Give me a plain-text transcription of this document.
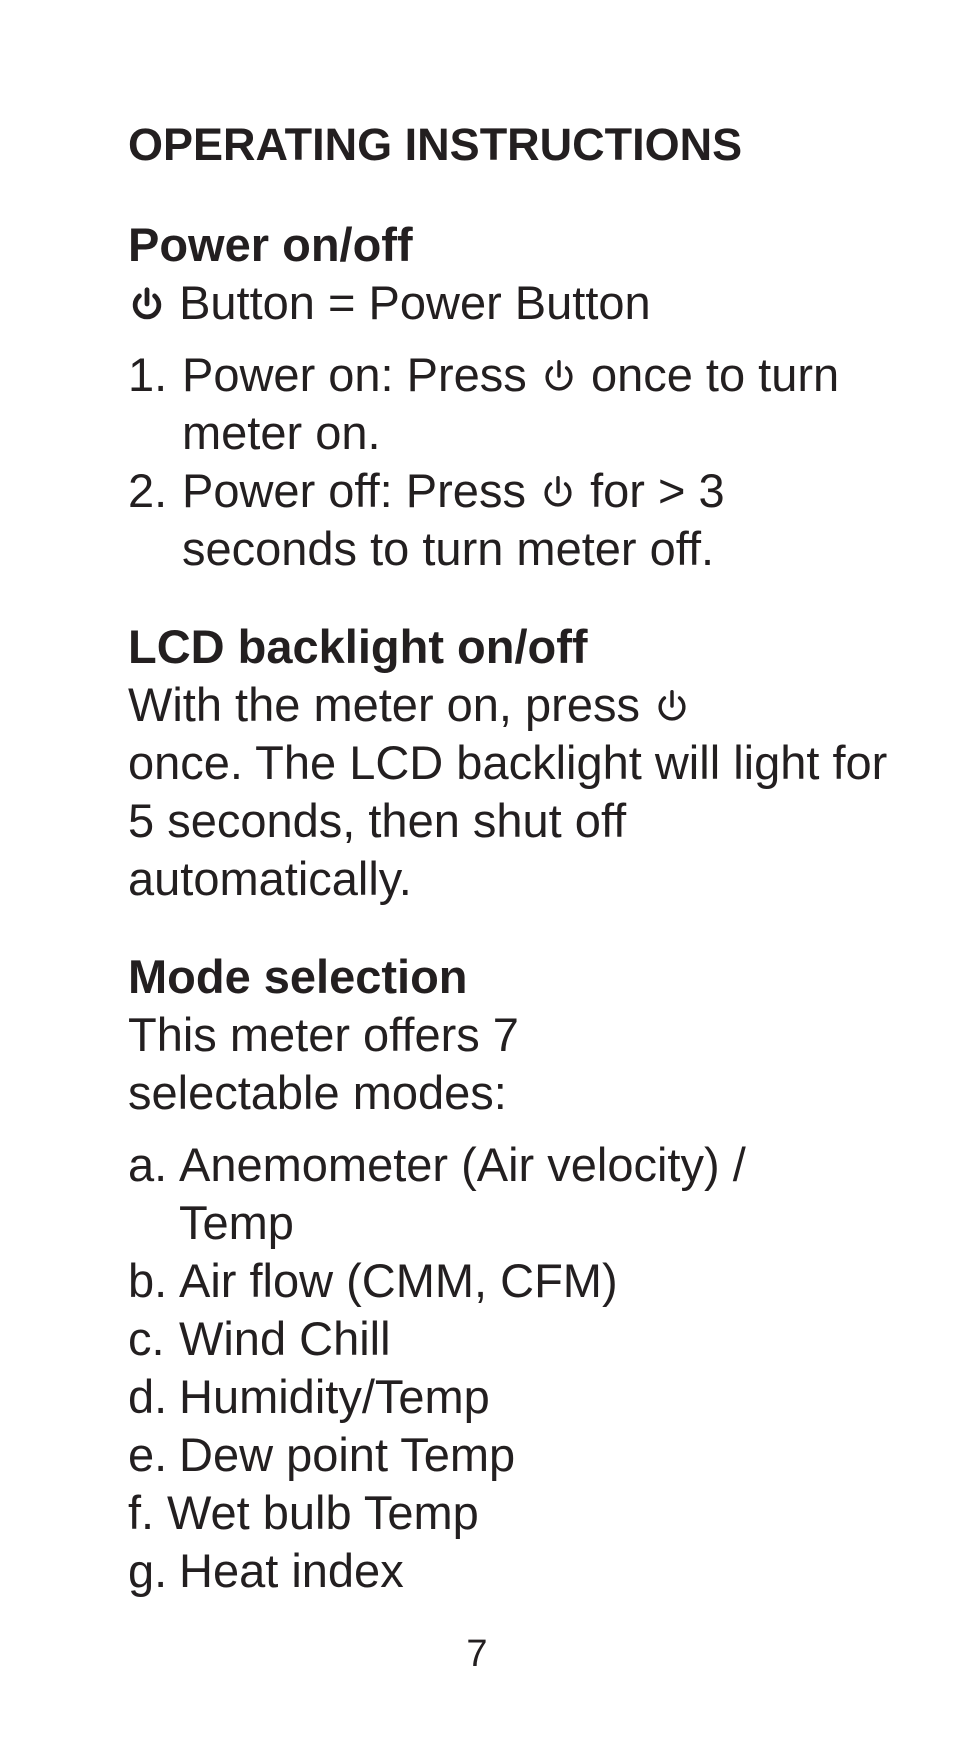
OPERATING INSTRUCTIONS
Power on/off

Button = Power Button

1. Power on: Press once to turn meter on.
2. Power off: Press for > 3 seconds to turn meter off.
LCD backlight on/off

With the meter on, press

once. The LCD backlight will light for 5 seconds, then shut off automatically.

Mode selection

This meter offers 7 selectable modes:

a. Anemometer (Air velocity) / Temp
b. Air flow (CMM, CFM)
c. Wind Chill
d. Humidity/Temp
e. Dew point Temp
f. Wet bulb Temp
g. Heat index
7
